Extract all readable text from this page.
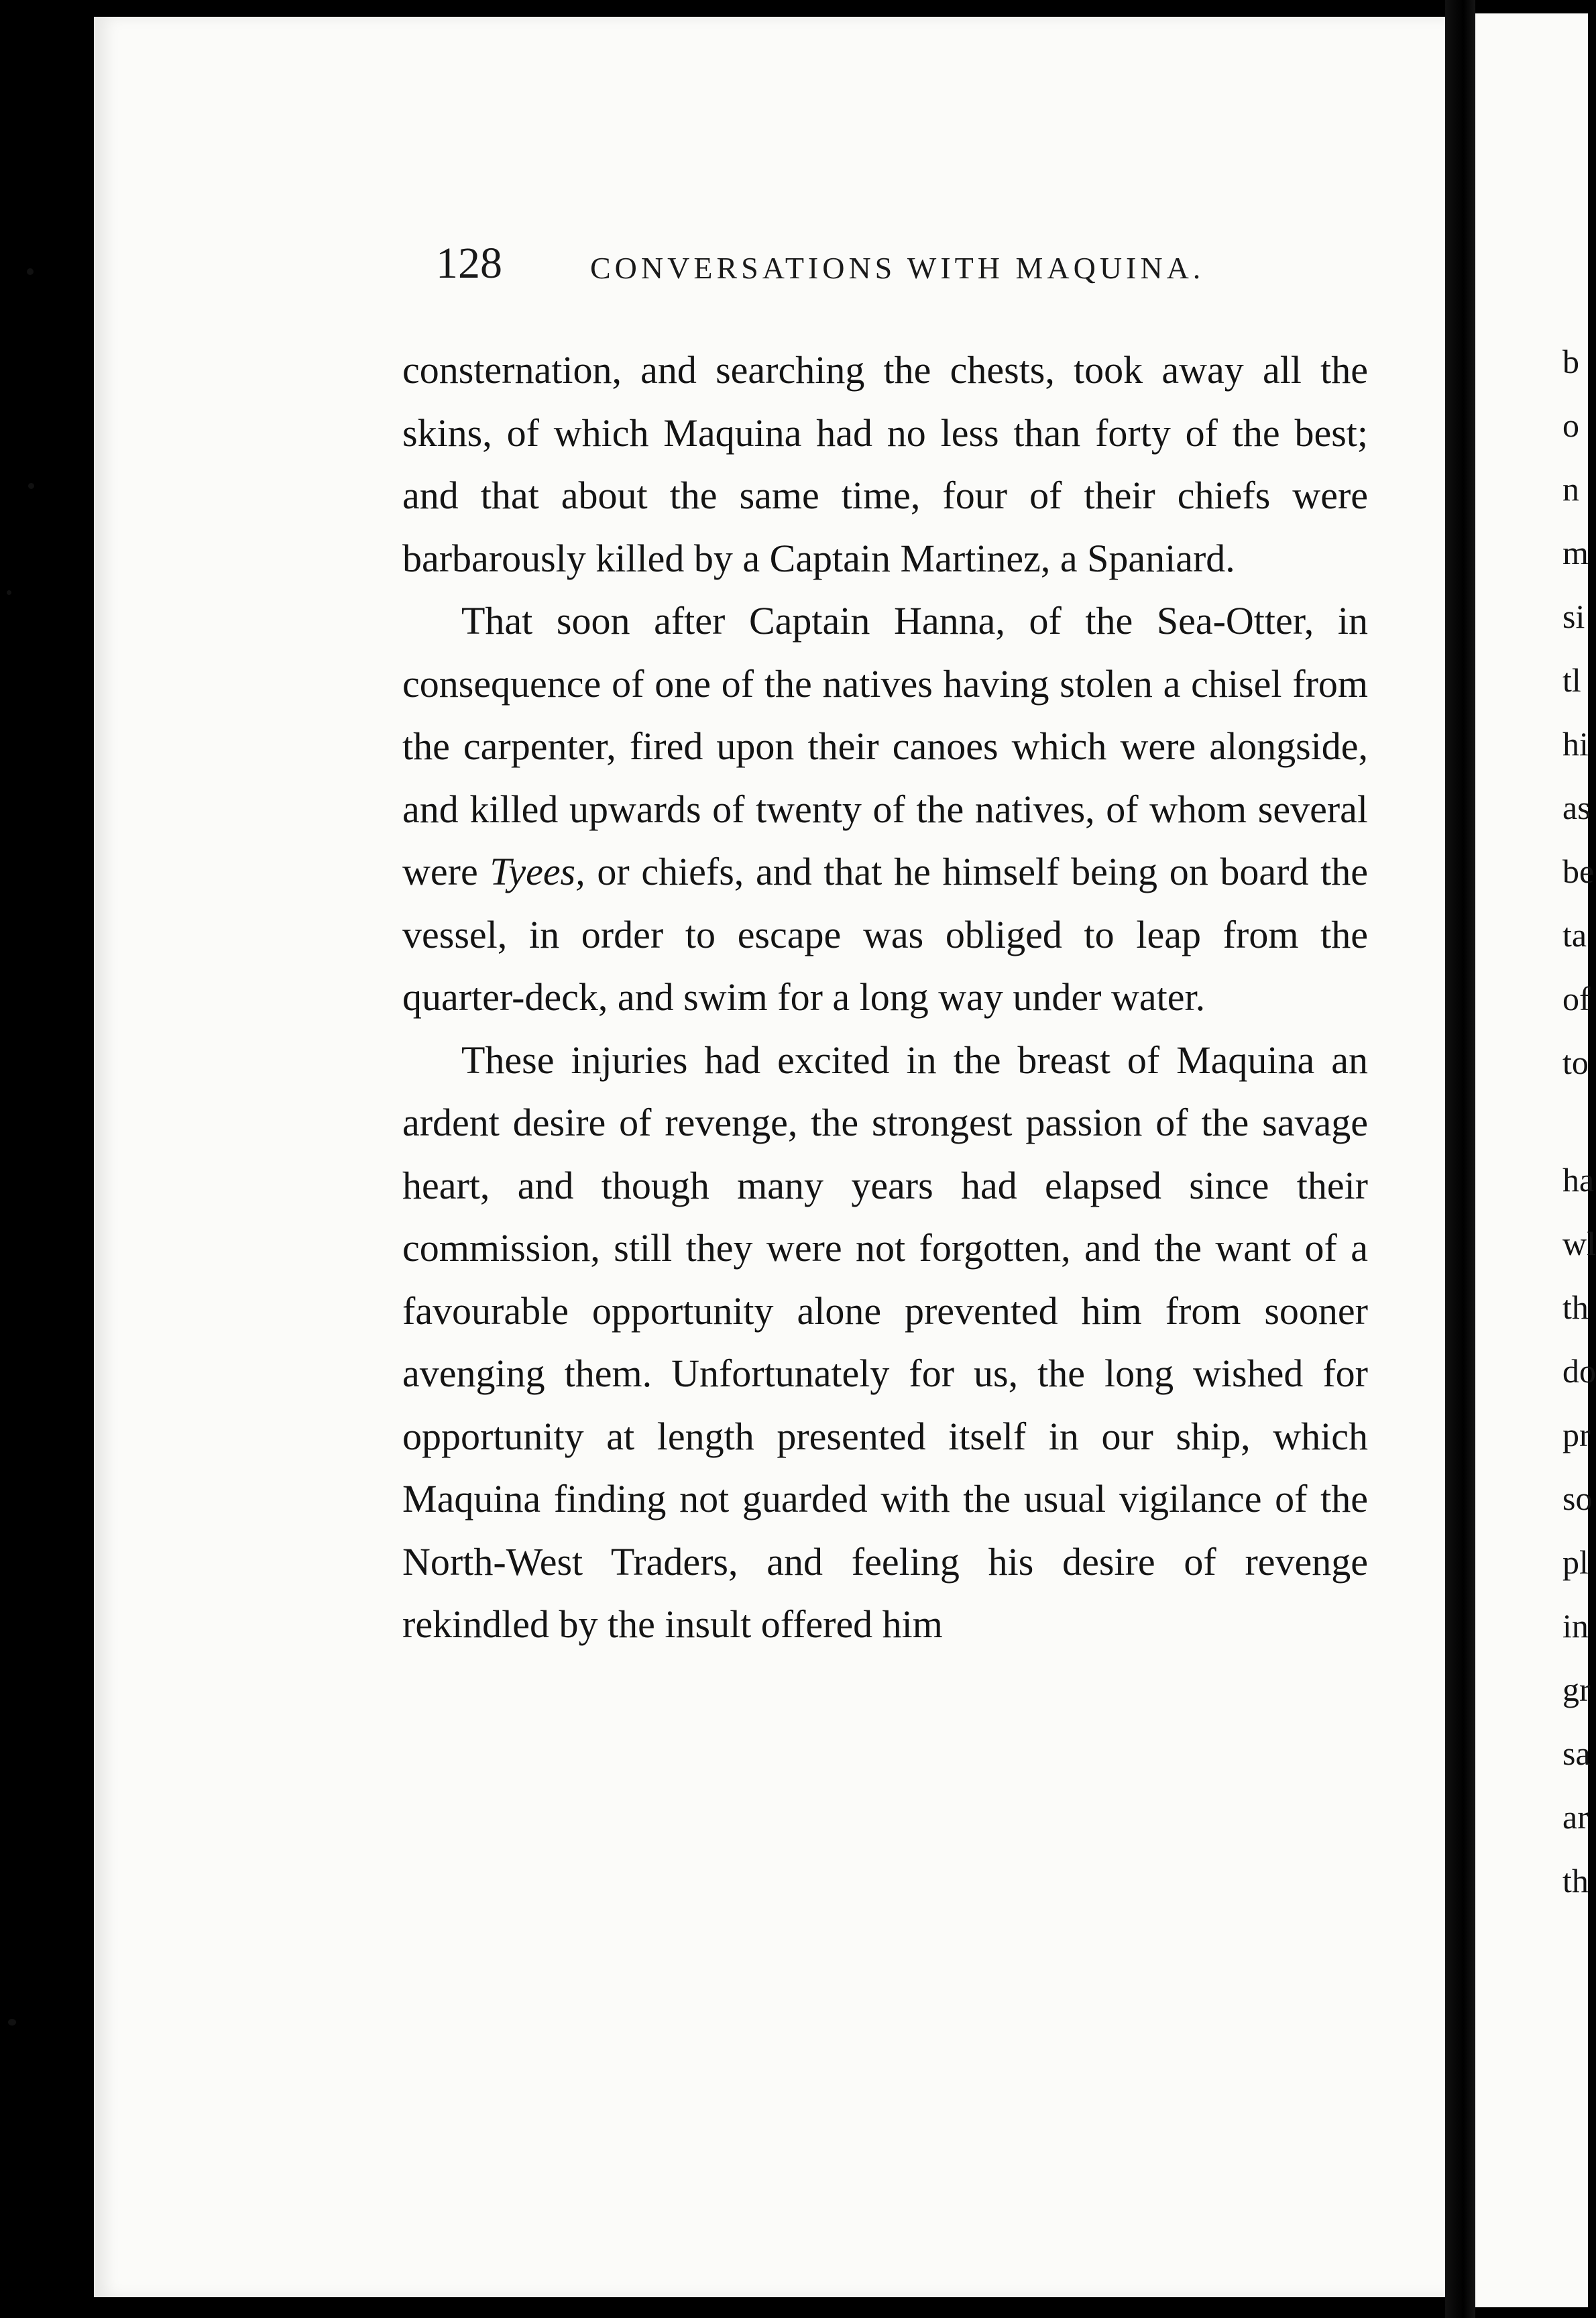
128	CONVERSATIONS WITH MAQUINA.

consternation, and searching the chests, took away all the skins, of which Maquina had no less than forty of the best; and that about the same time, four of their chiefs were barbarously killed by a Captain Martinez, a Spaniard.

That soon after Captain Hanna, of the Sea-Otter, in consequence of one of the natives having stolen a chisel from the carpenter, fired upon their canoes which were alongside, and killed upwards of twenty of the natives, of whom several were Tyees, or chiefs, and that he himself being on board the vessel, in order to escape was obliged to leap from the quarter-deck, and swim for a long way under water.

These injuries had excited in the breast of Maquina an ardent desire of revenge, the strongest passion of the savage heart, and though many years had elapsed since their commission, still they were not forgotten, and the want of a favourable opportunity alone prevented him from sooner avenging them. Unfortunately for us, the long wished for opportunity at length presented itself in our ship, which Maquina finding not guarded with the usual vigilance of the North-West Traders, and feeling his desire of revenge rekindled by the insult offered him

b
o
n
m
si
tl
hi
as
be
ta
of
to
ha
wl
th
do
pr
so
pl
in
gr
sa
ar
th
